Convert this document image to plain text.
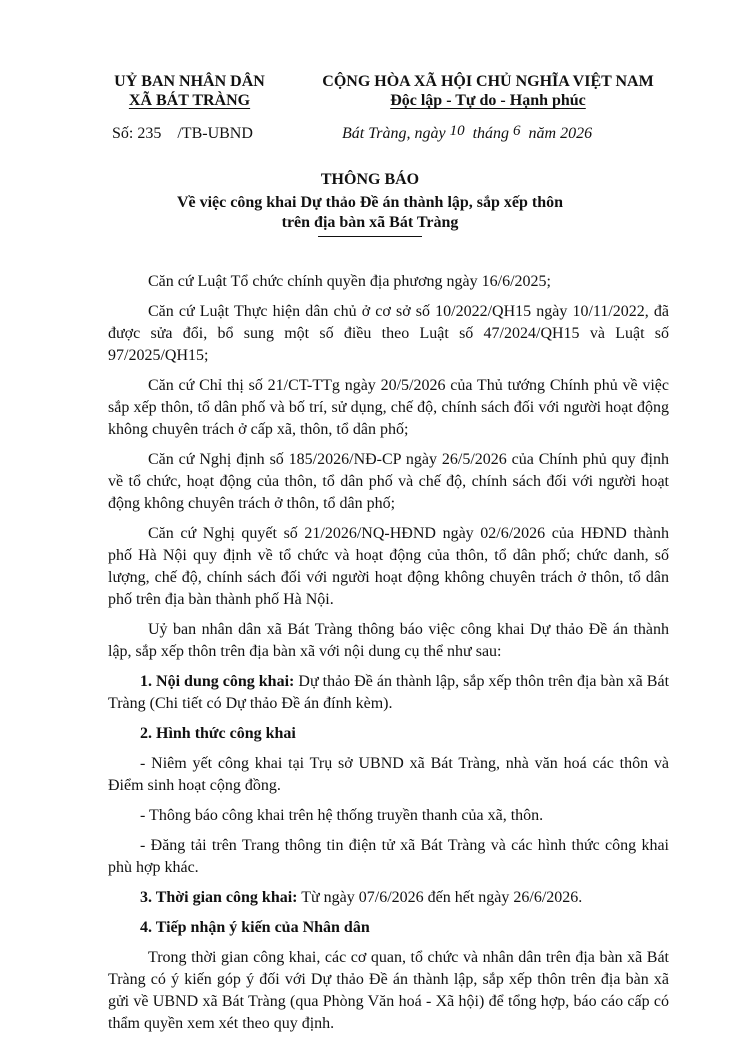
UỶ BAN NHÂN DÂN
XÃ BÁT TRÀNG
CỘNG HÒA XÃ HỘI CHỦ NGHĨA VIỆT NAM
Độc lập - Tự do - Hạnh phúc
Số: 235 /TB-UBND	Bát Tràng, ngày 10 tháng 6 năm 2026
THÔNG BÁO
Về việc công khai Dự thảo Đề án thành lập, sắp xếp thôn
trên địa bàn xã Bát Tràng

Căn cứ Luật Tổ chức chính quyền địa phương ngày 16/6/2025;

Căn cứ Luật Thực hiện dân chủ ở cơ sở số 10/2022/QH15 ngày 10/11/2022, đã được sửa đổi, bổ sung một số điều theo Luật số 47/2024/QH15 và Luật số 97/2025/QH15;

Căn cứ Chỉ thị số 21/CT-TTg ngày 20/5/2026 của Thủ tướng Chính phủ về việc sắp xếp thôn, tổ dân phố và bố trí, sử dụng, chế độ, chính sách đối với người hoạt động không chuyên trách ở cấp xã, thôn, tổ dân phố;

Căn cứ Nghị định số 185/2026/NĐ-CP ngày 26/5/2026 của Chính phủ quy định về tổ chức, hoạt động của thôn, tổ dân phố và chế độ, chính sách đối với người hoạt động không chuyên trách ở thôn, tổ dân phố;

Căn cứ Nghị quyết số 21/2026/NQ-HĐND ngày 02/6/2026 của HĐND thành phố Hà Nội quy định về tổ chức và hoạt động của thôn, tổ dân phố; chức danh, số lượng, chế độ, chính sách đối với người hoạt động không chuyên trách ở thôn, tổ dân phố trên địa bàn thành phố Hà Nội.

Uỷ ban nhân dân xã Bát Tràng thông báo việc công khai Dự thảo Đề án thành lập, sắp xếp thôn trên địa bàn xã với nội dung cụ thể như sau:

1. Nội dung công khai: Dự thảo Đề án thành lập, sắp xếp thôn trên địa bàn xã Bát Tràng (Chi tiết có Dự thảo Đề án đính kèm).

2. Hình thức công khai

- Niêm yết công khai tại Trụ sở UBND xã Bát Tràng, nhà văn hoá các thôn và Điểm sinh hoạt cộng đồng.

- Thông báo công khai trên hệ thống truyền thanh của xã, thôn.

- Đăng tải trên Trang thông tin điện tử xã Bát Tràng và các hình thức công khai phù hợp khác.

3. Thời gian công khai: Từ ngày 07/6/2026 đến hết ngày 26/6/2026.

4. Tiếp nhận ý kiến của Nhân dân

Trong thời gian công khai, các cơ quan, tổ chức và nhân dân trên địa bàn xã Bát Tràng có ý kiến góp ý đối với Dự thảo Đề án thành lập, sắp xếp thôn trên địa bàn xã gửi về UBND xã Bát Tràng (qua Phòng Văn hoá - Xã hội) để tổng hợp, báo cáo cấp có thẩm quyền xem xét theo quy định.
